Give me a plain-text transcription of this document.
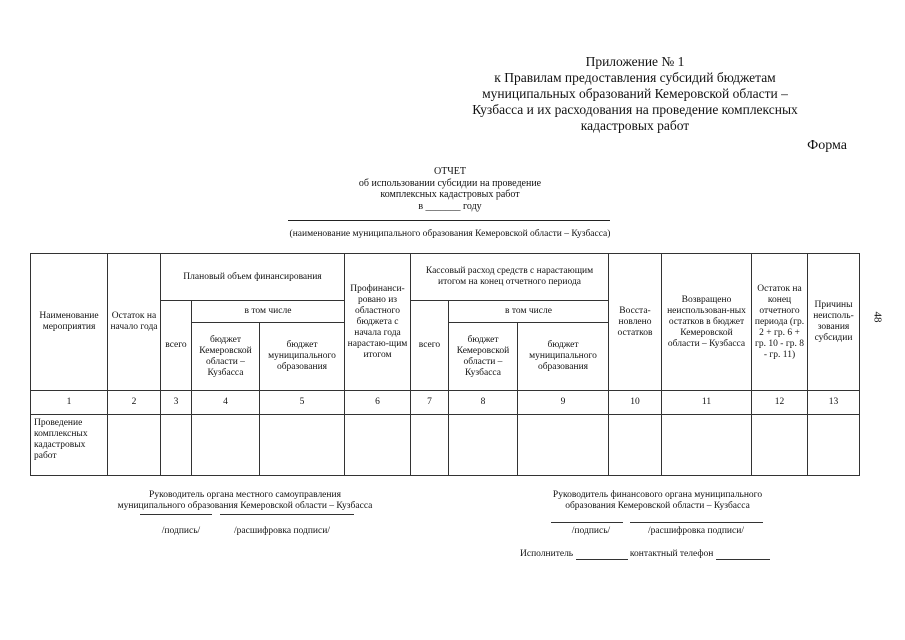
Приложение № 1
к Правилам предоставления субсидий бюджетам
муниципальных образований Кемеровской области –
Кузбасса и их расходования на проведение комплексных
кадастровых работ
Форма
ОТЧЕТ
об использовании субсидии на проведение
комплексных кадастровых работ
в _______ году
(наименование муниципального образования Кемеровской области – Кузбасса)
48
Наименование мероприятия	Остаток на начало года	Плановый объем финансирования			Профинанси-ровано из областного бюджета с начала года нарастаю-щим итогом	Кассовый расход средств с нарастающим итогом на конец отчетного периода			Восста-новлено остатков	Возвращено неиспользован-ных остатков в бюджет Кемеровской области – Кузбасса	Остаток на конец отчетного периода (гр. 2 + гр. 6 + гр. 10 - гр. 8 - гр. 11)	Причины неисполь-зования субсидии
		всего	в том числе			всего	в том числе					
			бюджет Кемеровской области – Кузбасса	бюджет муниципального образования			бюджет Кемеровской области – Кузбасса	бюджет муниципального образования				
1	2	3	4	5	6	7	8	9	10	11	12	13
Проведение комплексных кадастровых работ												
Руководитель органа местного самоуправления
муниципального образования Кемеровской области – Кузбасса
/подпись/	/расшифровка подписи/
Руководитель финансового органа муниципального
образования Кемеровской области – Кузбасса
/подпись/	/расшифровка подписи/
Исполнитель	контактный телефон
